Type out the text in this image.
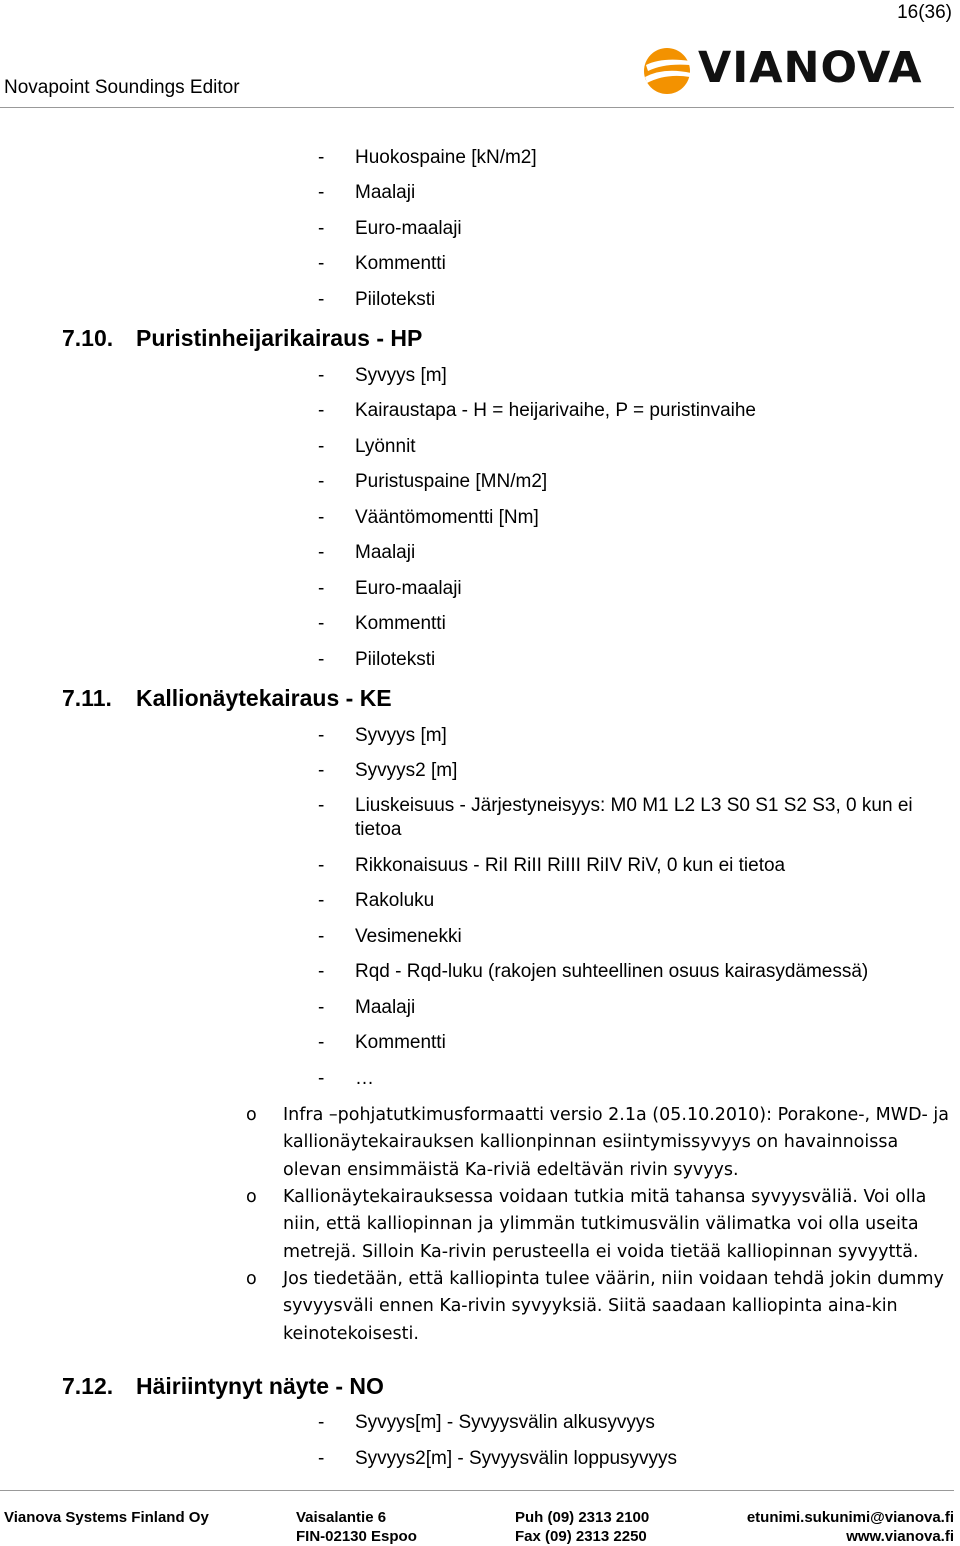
16(36)
Novapoint Soundings Editor	VIANOVA
- Huokospaine [kN/m2]
- Maalaji
- Euro-maalaji
- Kommentti
- Piiloteksti
7.10. Puristinheijarikairaus - HP
- Syvyys [m]
- Kairaustapa - H = heijarivaihe, P = puristinvaihe
- Lyönnit
- Puristuspaine [MN/m2]
- Vääntömomentti [Nm]
- Maalaji
- Euro-maalaji
- Kommentti
- Piiloteksti
7.11. Kallionäytekairaus - KE
- Syvyys [m]
- Syvyys2 [m]
- Liuskeisuus - Järjestyneisyys: M0 M1 L2 L3 S0 S1 S2 S3, 0 kun ei tietoa
- Rikkonaisuus - RiI RiII RiIII RiIV RiV, 0 kun ei tietoa
- Rakoluku
- Vesimenekki
- Rqd - Rqd-luku (rakojen suhteellinen osuus kairasydämessä)
- Maalaji
- Kommentti
- …
o Infra –pohjatutkimusformaatti versio 2.1a (05.10.2010): Porakone-, MWD- ja kallionäytekairauksen kallionpinnan esiintymissyvyys on havainnoissa olevan ensimmäistä Ka-riviä edeltävän rivin syvyys.
o Kallionäytekairauksessa voidaan tutkia mitä tahansa syvyysväliä. Voi olla niin, että kalliopinnan ja ylimmän tutkimusvälin välimatka voi olla useita metrejä. Silloin Ka-rivin perusteella ei voida tietää kalliopinnan syvyyttä.
o Jos tiedetään, että kalliopinta tulee väärin, niin voidaan tehdä jokin dummy syvyysväli ennen Ka-rivin syvyyksiä. Siitä saadaan kalliopinta aina-kin keinotekoisesti.
7.12. Häiriintynyt näyte - NO
- Syvyys[m] - Syvyysvälin alkusyvyys
- Syvyys2[m] - Syvyysvälin loppusyvyys
Vianova Systems Finland Oy	Vaisalantie 6
FIN-02130 Espoo
Puh (09) 2313 2100
Fax (09) 2313 2250
etunimi.sukunimi@vianova.fi
www.vianova.fi
